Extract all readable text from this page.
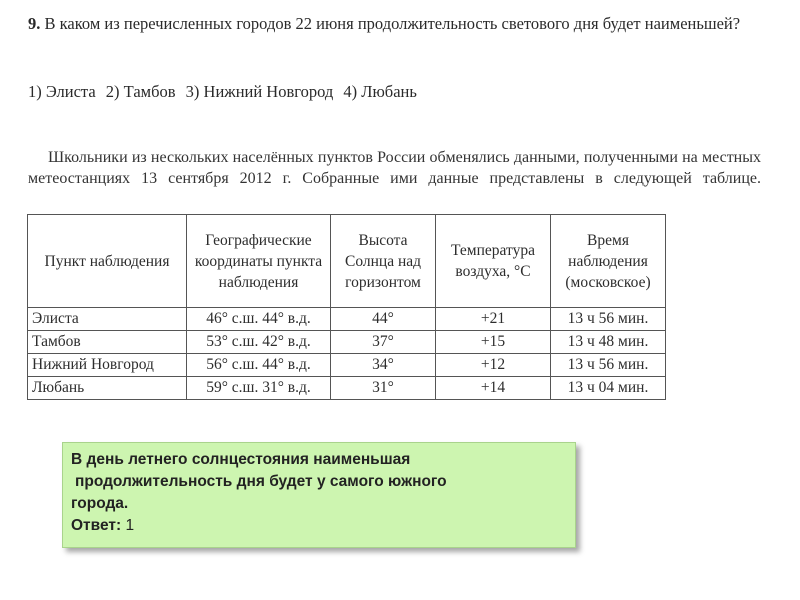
9. В каком из перечисленных городов 22 июня продолжительность светового дня будет наименьшей?
1) Элиста 2) Тамбов 3) Нижний Новгород 4) Любань
Школьники из нескольких населённых пунктов России обменялись данными, полученными на местных метеостанциях 13 сентября 2012 г. Собранные ими данные представлены в следующей таблице.
Пункт наблюдения	Географические координаты пункта наблюдения	Высота Солнца над горизонтом	Температура воздуха, °С	Время наблюдения (московское)
Элиста	46° с.ш. 44° в.д.	44°	+21	13 ч 56 мин.
Тамбов	53° с.ш. 42° в.д.	37°	+15	13 ч 48 мин.
Нижний Новгород	56° с.ш. 44° в.д.	34°	+12	13 ч 56 мин.
Любань	59° с.ш. 31° в.д.	31°	+14	13 ч 04 мин.
В день летнего солнцестояния наименьшая
продолжительность дня будет у самого южного
города.
Ответ: 1
